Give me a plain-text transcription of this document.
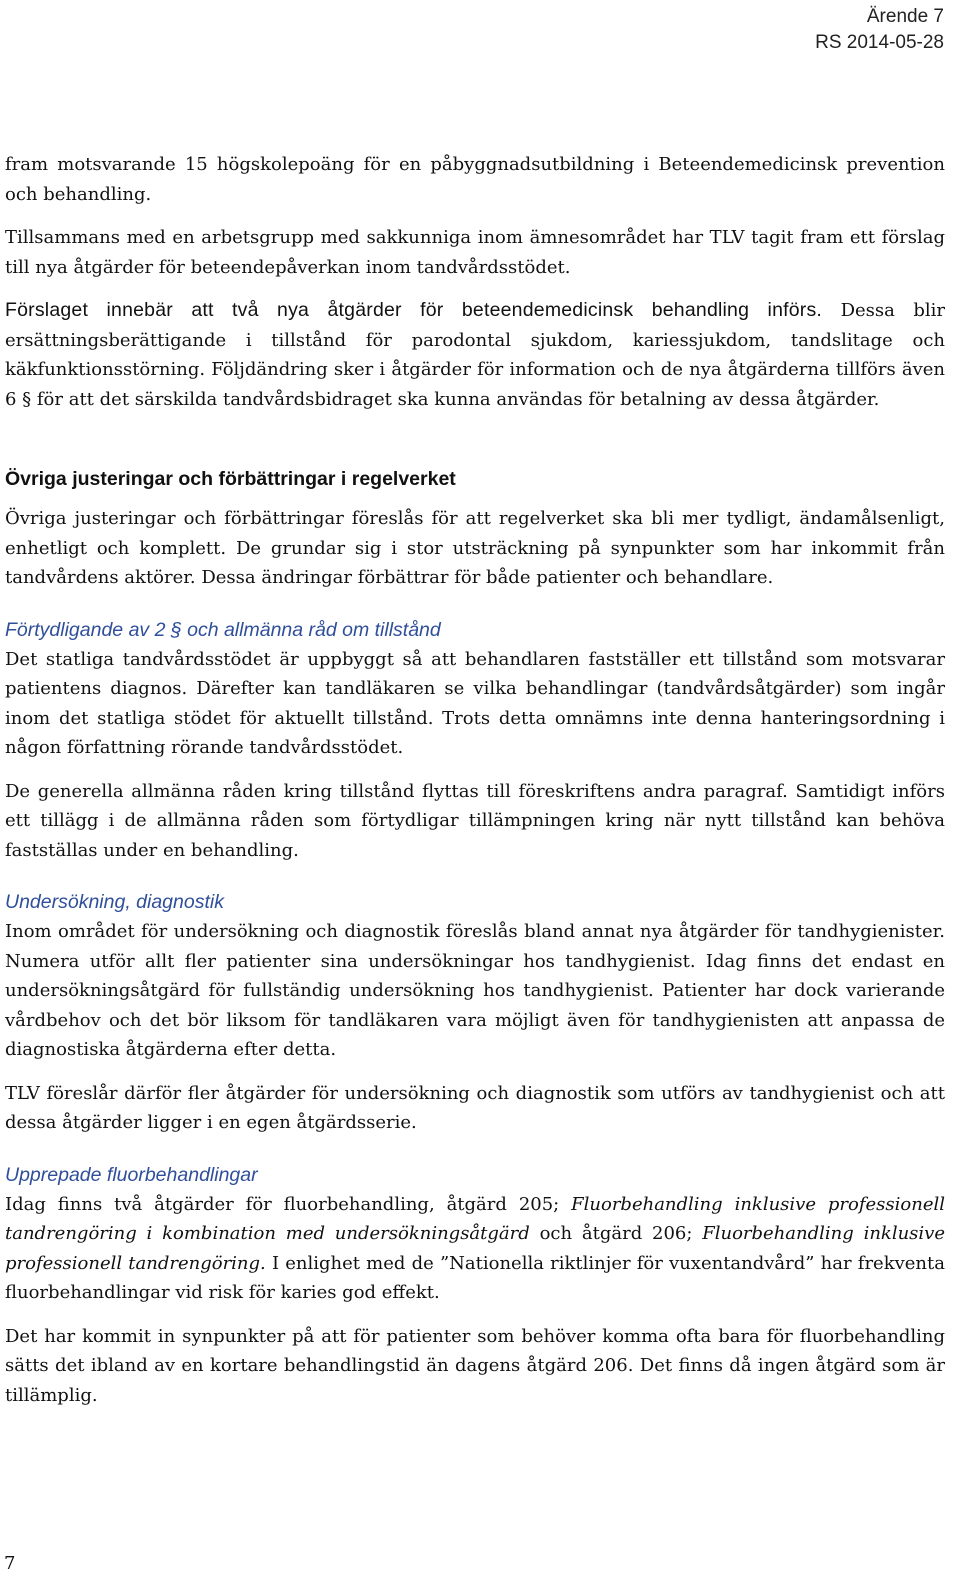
Ärende 7
RS 2014-05-28

fram motsvarande 15 högskolepoäng för en påbyggnadsutbildning i Beteendemedicinsk prevention och behandling.

Tillsammans med en arbetsgrupp med sakkunniga inom ämnesområdet har TLV tagit fram ett förslag till nya åtgärder för beteendepåverkan inom tandvårdsstödet.

Förslaget innebär att två nya åtgärder för beteendemedicinsk behandling införs. Dessa blir ersättningsberättigande i tillstånd för parodontal sjukdom, kariessjukdom, tandslitage och käkfunktionsstörning. Följdändring sker i åtgärder för information och de nya åtgärderna tillförs även 6 § för att det särskilda tandvårdsbidraget ska kunna användas för betalning av dessa åtgärder.

Övriga justeringar och förbättringar i regelverket

Övriga justeringar och förbättringar föreslås för att regelverket ska bli mer tydligt, ändamålsenligt, enhetligt och komplett. De grundar sig i stor utsträckning på synpunkter som har inkommit från tandvårdens aktörer. Dessa ändringar förbättrar för både patienter och behandlare.

Förtydligande av 2 § och allmänna råd om tillstånd

Det statliga tandvårdsstödet är uppbyggt så att behandlaren fastställer ett tillstånd som motsvarar patientens diagnos. Därefter kan tandläkaren se vilka behandlingar (tandvårdsåtgärder) som ingår inom det statliga stödet för aktuellt tillstånd. Trots detta omnämns inte denna hanteringsordning i någon författning rörande tandvårdsstödet.

De generella allmänna råden kring tillstånd flyttas till föreskriftens andra paragraf. Samtidigt införs ett tillägg i de allmänna råden som förtydligar tillämpningen kring när nytt tillstånd kan behöva fastställas under en behandling.

Undersökning, diagnostik

Inom området för undersökning och diagnostik föreslås bland annat nya åtgärder för tandhygienister. Numera utför allt fler patienter sina undersökningar hos tandhygienist. Idag finns det endast en undersökningsåtgärd för fullständig undersökning hos tandhygienist. Patienter har dock varierande vårdbehov och det bör liksom för tandläkaren vara möjligt även för tandhygienisten att anpassa de diagnostiska åtgärderna efter detta.

TLV föreslår därför fler åtgärder för undersökning och diagnostik som utförs av tandhygienist och att dessa åtgärder ligger i en egen åtgärdsserie.

Upprepade fluorbehandlingar

Idag finns två åtgärder för fluorbehandling, åtgärd 205; Fluorbehandling inklusive professionell tandrengöring i kombination med undersökningsåtgärd och åtgärd 206; Fluorbehandling inklusive professionell tandrengöring. I enlighet med de ”Nationella riktlinjer för vuxentandvård” har frekventa fluorbehandlingar vid risk för karies god effekt.

Det har kommit in synpunkter på att för patienter som behöver komma ofta bara för fluorbehandling sätts det ibland av en kortare behandlingstid än dagens åtgärd 206. Det finns då ingen åtgärd som är tillämplig.

7
